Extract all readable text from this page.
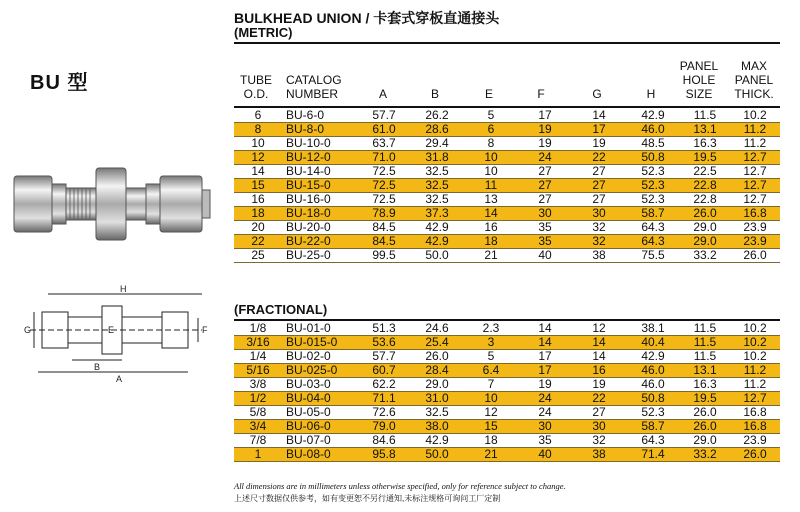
BU 型
H
G	E	F
B
A
BULKHEAD UNION / 卡套式穿板直通接头
(METRIC)
TUBE
O.D.
CATALOG
NUMBER	A	B	E	F	G	H
PANEL
HOLE
SIZE
MAX
PANEL
THICK.
6	BU-6-0	57.7	26.2	5	17	14	42.9	11.5	10.2
8	BU-8-0	61.0	28.6	6	19	17	46.0	13.1	11.2
10	BU-10-0	63.7	29.4	8	19	19	48.5	16.3	11.2
12	BU-12-0	71.0	31.8	10	24	22	50.8	19.5	12.7
14	BU-14-0	72.5	32.5	10	27	27	52.3	22.5	12.7
15	BU-15-0	72.5	32.5	11	27	27	52.3	22.8	12.7
16	BU-16-0	72.5	32.5	13	27	27	52.3	22.8	12.7
18	BU-18-0	78.9	37.3	14	30	30	58.7	26.0	16.8
20	BU-20-0	84.5	42.9	16	35	32	64.3	29.0	23.9
22	BU-22-0	84.5	42.9	18	35	32	64.3	29.0	23.9
25	BU-25-0	99.5	50.0	21	40	38	75.5	33.2	26.0
(FRACTIONAL)
1/8	BU-01-0	51.3	24.6	2.3	14	12	38.1	11.5	10.2
3/16	BU-015-0	53.6	25.4	3	14	14	40.4	11.5	10.2
1/4	BU-02-0	57.7	26.0	5	17	14	42.9	11.5	10.2
5/16	BU-025-0	60.7	28.4	6.4	17	16	46.0	13.1	11.2
3/8	BU-03-0	62.2	29.0	7	19	19	46.0	16.3	11.2
1/2	BU-04-0	71.1	31.0	10	24	22	50.8	19.5	12.7
5/8	BU-05-0	72.6	32.5	12	24	27	52.3	26.0	16.8
3/4	BU-06-0	79.0	38.0	15	30	30	58.7	26.0	16.8
7/8	BU-07-0	84.6	42.9	18	35	32	64.3	29.0	23.9
1	BU-08-0	95.8	50.0	21	40	38	71.4	33.2	26.0
All dimensions are in millimeters unless otherwise specified, only for reference subject to change.
上述尺寸数据仅供参考，如有变更恕不另行通知,未标注规格可询问工厂定制
